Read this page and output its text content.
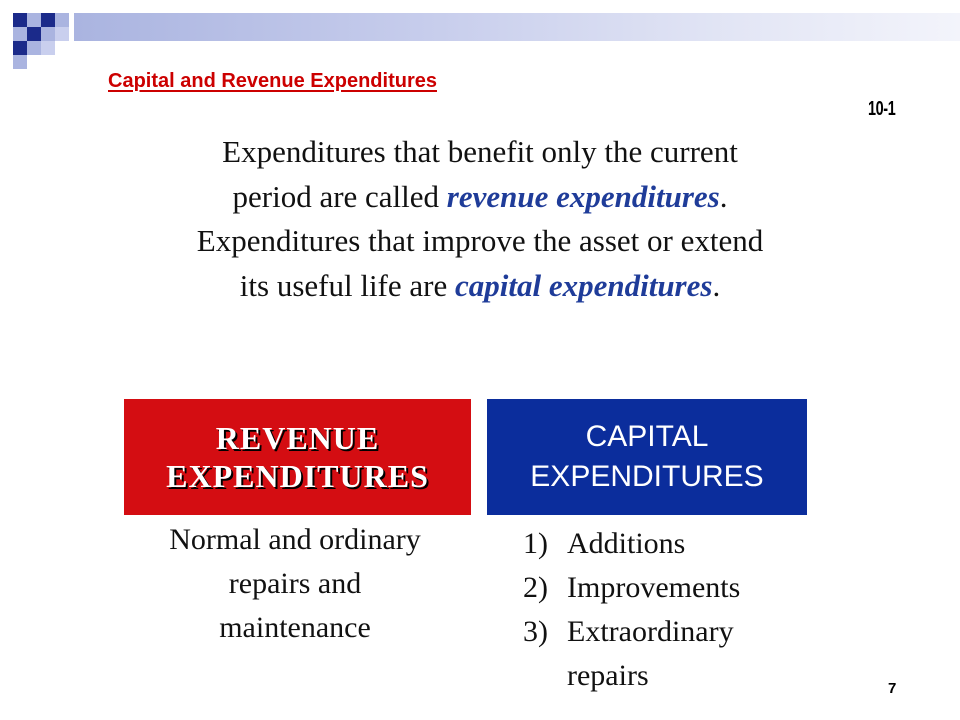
Capital and Revenue Expenditures
10-1
Expenditures that benefit only the current period are called revenue expenditures. Expenditures that improve the asset or extend its useful life are capital expenditures.
REVENUE
EXPENDITURES
CAPITAL
EXPENDITURES
Normal and ordinary repairs and maintenance
1) Additions
2) Improvements
3) Extraordinary repairs	7
